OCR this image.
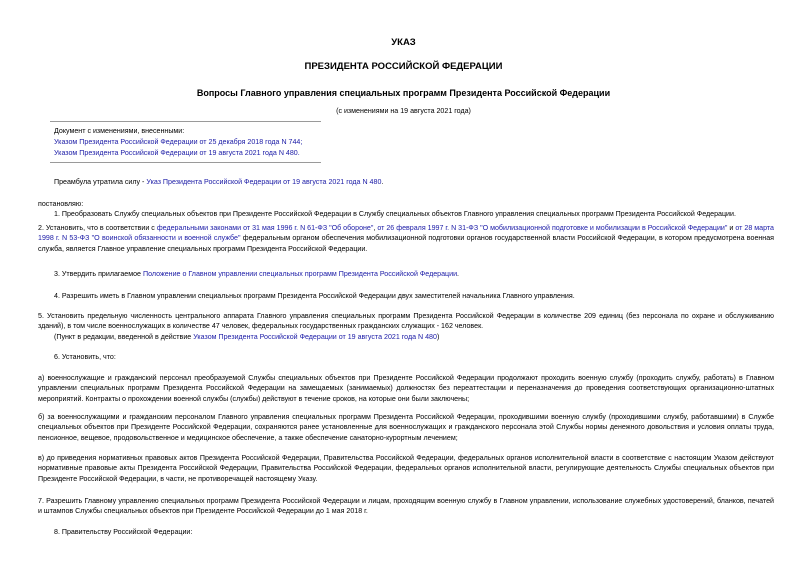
УКАЗ
ПРЕЗИДЕНТА РОССИЙСКОЙ ФЕДЕРАЦИИ
Вопросы Главного управления специальных программ Президента Российской Федерации
(с изменениями на 19 августа 2021 года)
Документ с изменениями, внесенными:
Указом Президента Российской Федерации от 25 декабря 2018 года N 744;
Указом Президента Российской Федерации от 19 августа 2021 года N 480.
Преамбула утратила силу - Указ Президента Российской Федерации от 19 августа 2021 года N 480.
постановляю:
1. Преобразовать Службу специальных объектов при Президенте Российской Федерации в Службу специальных объектов Главного управления специальных программ Президента Российской Федерации.
2. Установить, что в соответствии с федеральными законами от 31 мая 1996 г. N 61-ФЗ "Об обороне", от 26 февраля 1997 г. N 31-ФЗ "О мобилизационной подготовке и мобилизации в Российской Федерации" и от 28 марта 1998 г. N 53-ФЗ "О воинской обязанности и военной службе" федеральным органом обеспечения мобилизационной подготовки органов государственной власти Российской Федерации, в котором предусмотрена военная служба, является Главное управление специальных программ Президента Российской Федерации.
3. Утвердить прилагаемое Положение о Главном управлении специальных программ Президента Российской Федерации.
4. Разрешить иметь в Главном управлении специальных программ Президента Российской Федерации двух заместителей начальника Главного управления.
5. Установить предельную численность центрального аппарата Главного управления специальных программ Президента Российской Федерации в количестве 209 единиц (без персонала по охране и обслуживанию зданий), в том числе военнослужащих в количестве 47 человек, федеральных государственных гражданских служащих - 162 человек.
(Пункт в редакции, введенной в действие Указом Президента Российской Федерации от 19 августа 2021 года N 480)
6. Установить, что:
а) военнослужащие и гражданский персонал преобразуемой Службы специальных объектов при Президенте Российской Федерации продолжают проходить военную службу (проходить службу, работать) в Главном управлении специальных программ Президента Российской Федерации на замещаемых (занимаемых) должностях без переаттестации и переназначения до проведения соответствующих организационно-штатных мероприятий. Контракты о прохождении военной службы (службы) действуют в течение сроков, на которые они были заключены;
б) за военнослужащими и гражданским персоналом Главного управления специальных программ Президента Российской Федерации, проходившими военную службу (проходившими службу, работавшими) в Службе специальных объектов при Президенте Российской Федерации, сохраняются ранее установленные для военнослужащих и гражданского персонала этой Службы нормы денежного довольствия и условия оплаты труда, пенсионное, вещевое, продовольственное и медицинское обеспечение, а также обеспечение санаторно-курортным лечением;
в) до приведения нормативных правовых актов Президента Российской Федерации, Правительства Российской Федерации, федеральных органов исполнительной власти в соответствие с настоящим Указом действуют нормативные правовые акты Президента Российской Федерации, Правительства Российской Федерации, федеральных органов исполнительной власти, регулирующие деятельность Службы специальных объектов при Президенте Российской Федерации, в части, не противоречащей настоящему Указу.
7. Разрешить Главному управлению специальных программ Президента Российской Федерации и лицам, проходящим военную службу в Главном управлении, использование служебных удостоверений, бланков, печатей и штампов Службы специальных объектов при Президенте Российской Федерации до 1 мая 2018 г.
8. Правительству Российской Федерации:
